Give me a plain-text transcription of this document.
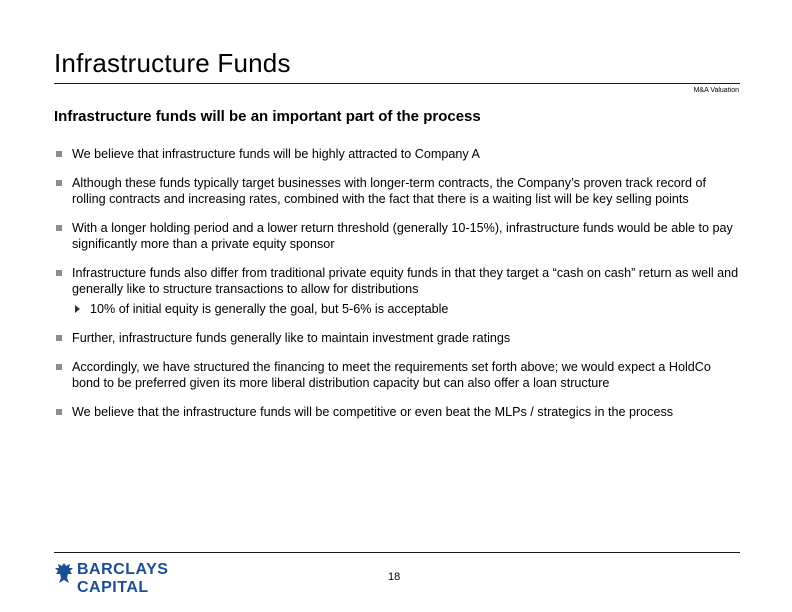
Infrastructure Funds
M&A Valuation
Infrastructure funds will be an important part of the process
We believe that infrastructure funds will be highly attracted to Company A
Although these funds typically target businesses with longer-term contracts, the Company’s proven track record of rolling contracts and increasing rates, combined with the fact that there is a waiting list will be key selling points
With a longer holding period and a lower return threshold (generally 10-15%), infrastructure funds would be able to pay significantly more than a private equity sponsor
Infrastructure funds also differ from traditional private equity funds in that they target a “cash on cash” return as well and generally like to structure transactions to allow for distributions
10% of initial equity is generally the goal, but 5-6% is acceptable
Further, infrastructure funds generally like to maintain investment grade ratings
Accordingly, we have structured the financing to meet the requirements set forth above; we would expect a HoldCo bond to be preferred given its more liberal distribution capacity but can also offer a loan structure
We believe that the infrastructure funds will be competitive or even beat the MLPs / strategics in the process
BARCLAYS
CAPITAL
18
